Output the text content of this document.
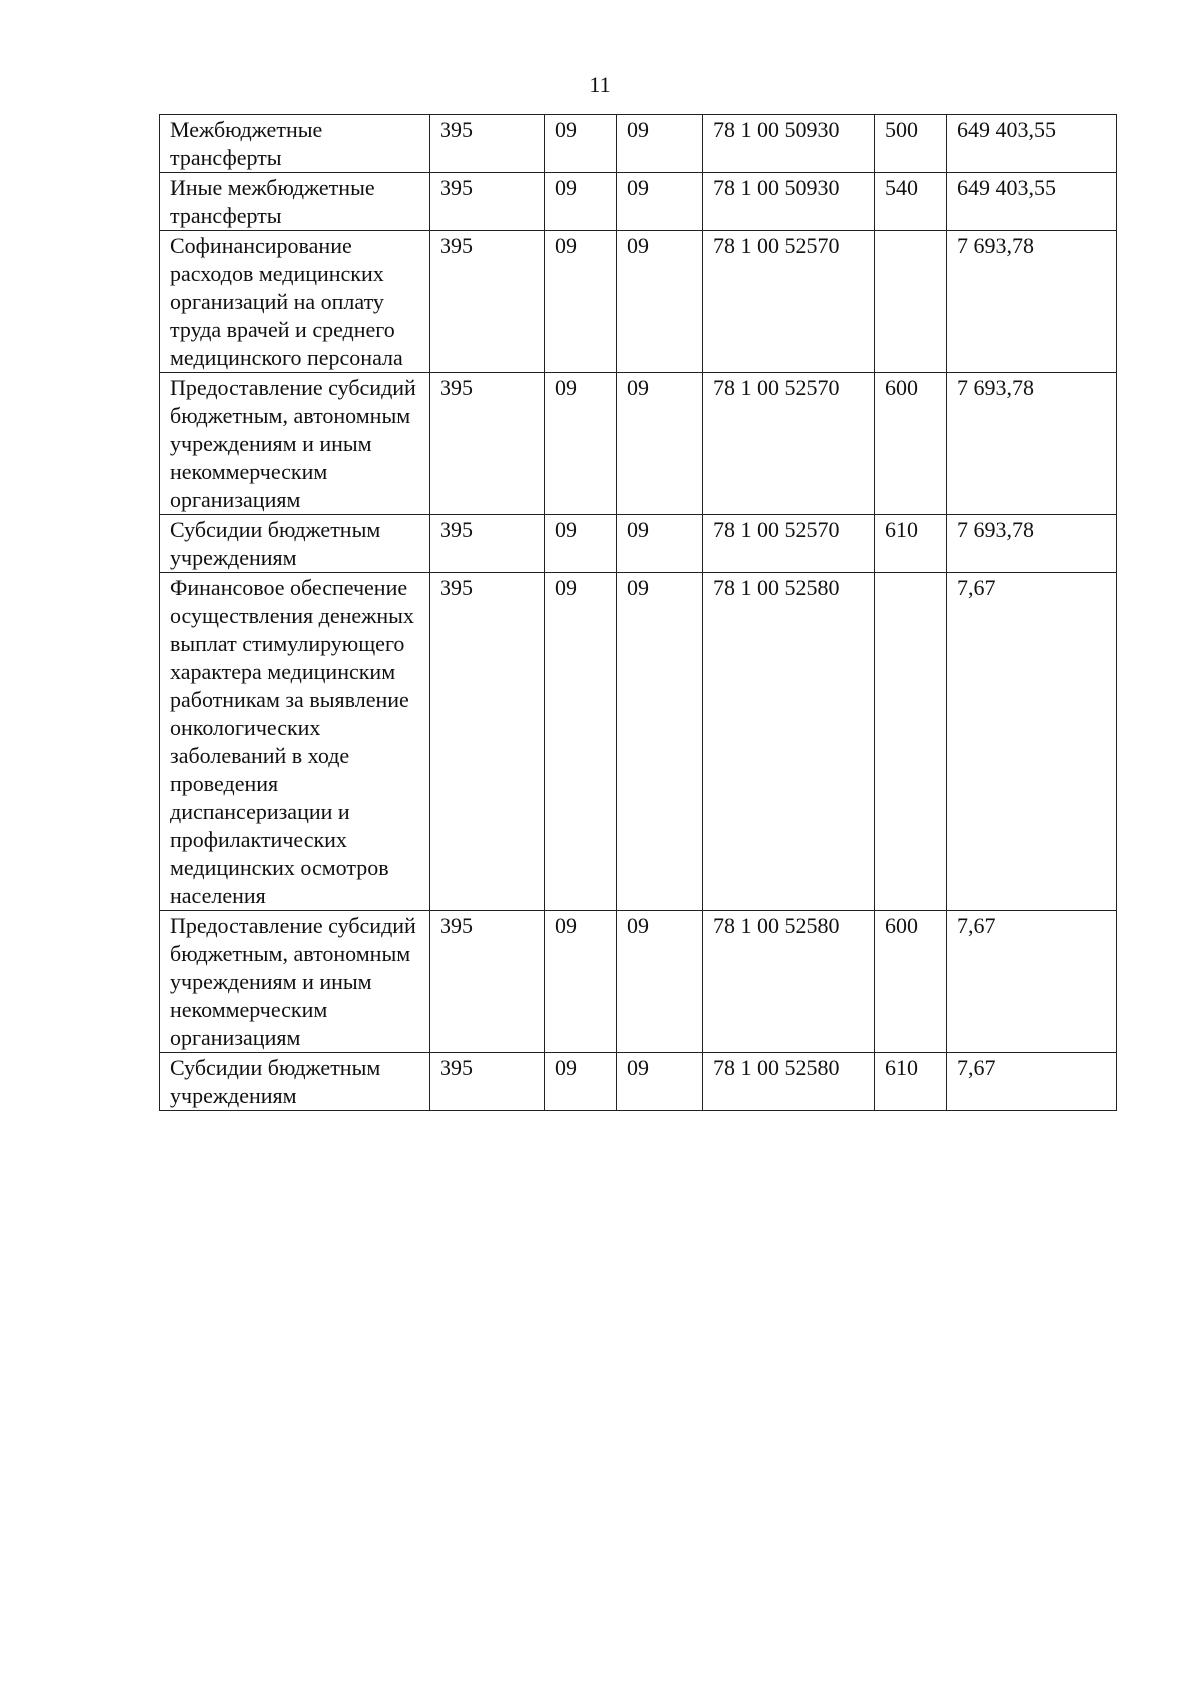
11
Межбюджетные трансферты	395	09	09	78 1 00 50930	500	649 403,55
Иные межбюджетные трансферты	395	09	09	78 1 00 50930	540	649 403,55
Софинансирование расходов медицинских организаций на оплату труда врачей и среднего медицинского персонала	395	09	09	78 1 00 52570		7 693,78
Предоставление субсидий бюджетным, автономным учреждениям и иным некоммерческим организациям	395	09	09	78 1 00 52570	600	7 693,78
Субсидии бюджетным учреждениям	395	09	09	78 1 00 52570	610	7 693,78
Финансовое обеспечение осуществления денежных выплат стимулирующего характера медицинским работникам за выявление онкологических заболеваний в ходе проведения диспансеризации и профилактических медицинских осмотров населения	395	09	09	78 1 00 52580		7,67
Предоставление субсидий бюджетным, автономным учреждениям и иным некоммерческим организациям	395	09	09	78 1 00 52580	600	7,67
Субсидии бюджетным учреждениям	395	09	09	78 1 00 52580	610	7,67
